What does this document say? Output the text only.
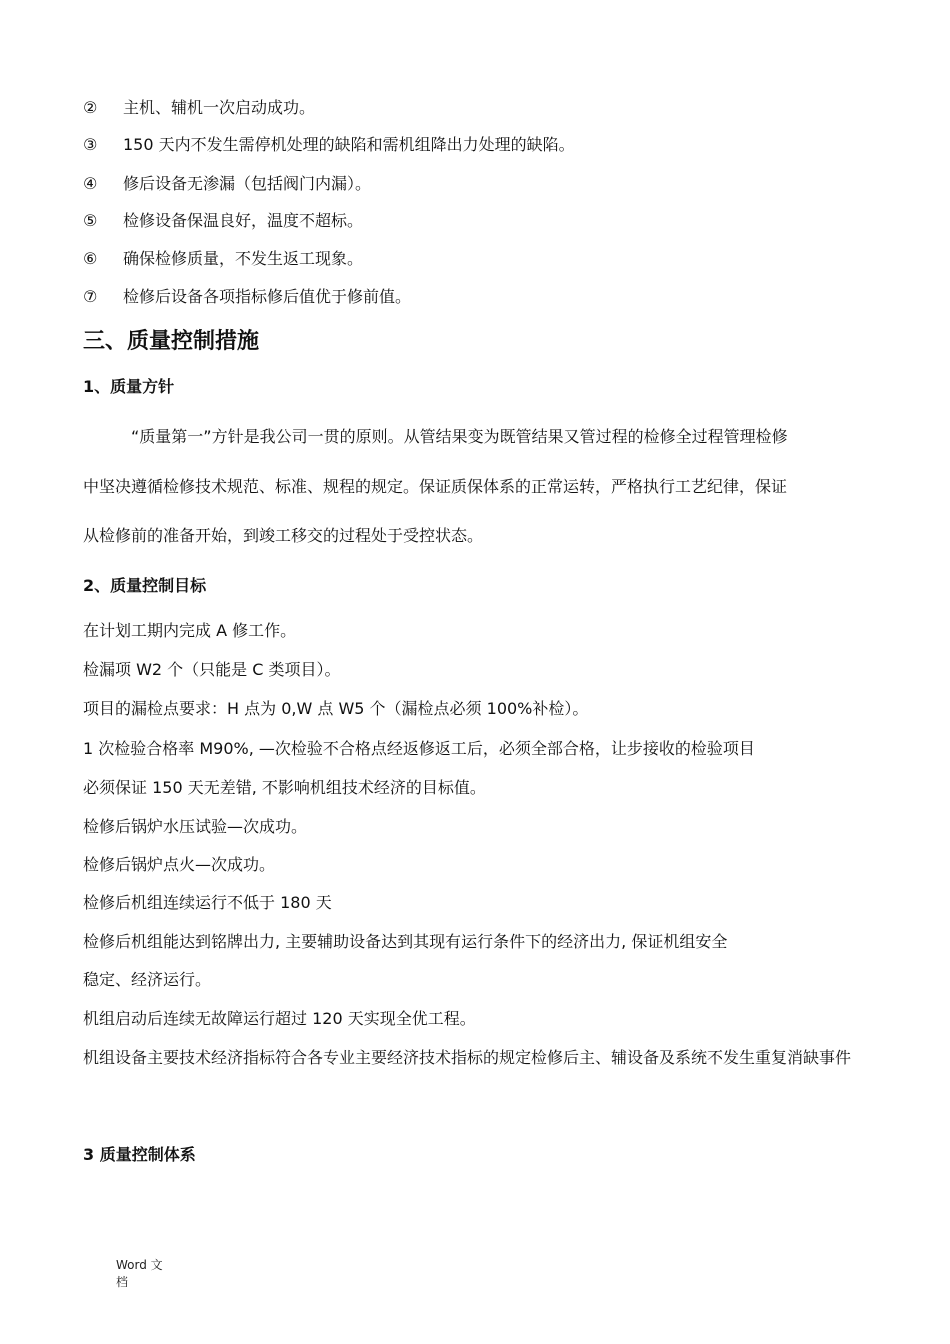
② 主机、辅机一次启动成功。
③ 150 天内不发生需停机处理的缺陷和需机组降出力处理的缺陷。
④ 修后设备无渗漏（包括阀门内漏）。
⑤ 检修设备保温良好，温度不超标。
⑥ 确保检修质量，不发生返工现象。
⑦ 检修后设备各项指标修后值优于修前值。
三、质量控制措施
1、质量方针
“质量第一”方针是我公司一贯的原则。从管结果变为既管结果又管过程的检修全过程管理检修
中坚决遵循检修技术规范、标准、规程的规定。保证质保体系的正常运转，严格执行工艺纪律，保证
从检修前的准备开始，到竣工移交的过程处于受控状态。
2、质量控制目标
在计划工期内完成 A 修工作。
检漏项 W2 个（只能是 C 类项目）。
项目的漏检点要求：H 点为 0,W 点 W5 个（漏检点必须 100%补检）。
1 次检验合格率 M90%, —次检验不合格点经返修返工后，必须全部合格，让步接收的检验项目
必须保证 150 天无差错, 不影响机组技术经济的目标值。
检修后锅炉水压试验—次成功。
检修后锅炉点火—次成功。
检修后机组连续运行不低于 180 天
检修后机组能达到铭牌出力, 主要辅助设备达到其现有运行条件下的经济出力, 保证机组安全
稳定、经济运行。
机组启动后连续无故障运行超过 120 天实现全优工程。
机组设备主要技术经济指标符合各专业主要经济技术指标的规定检修后主、辅设备及系统不发生重复消缺事件
3 质量控制体系
Word 文
档
